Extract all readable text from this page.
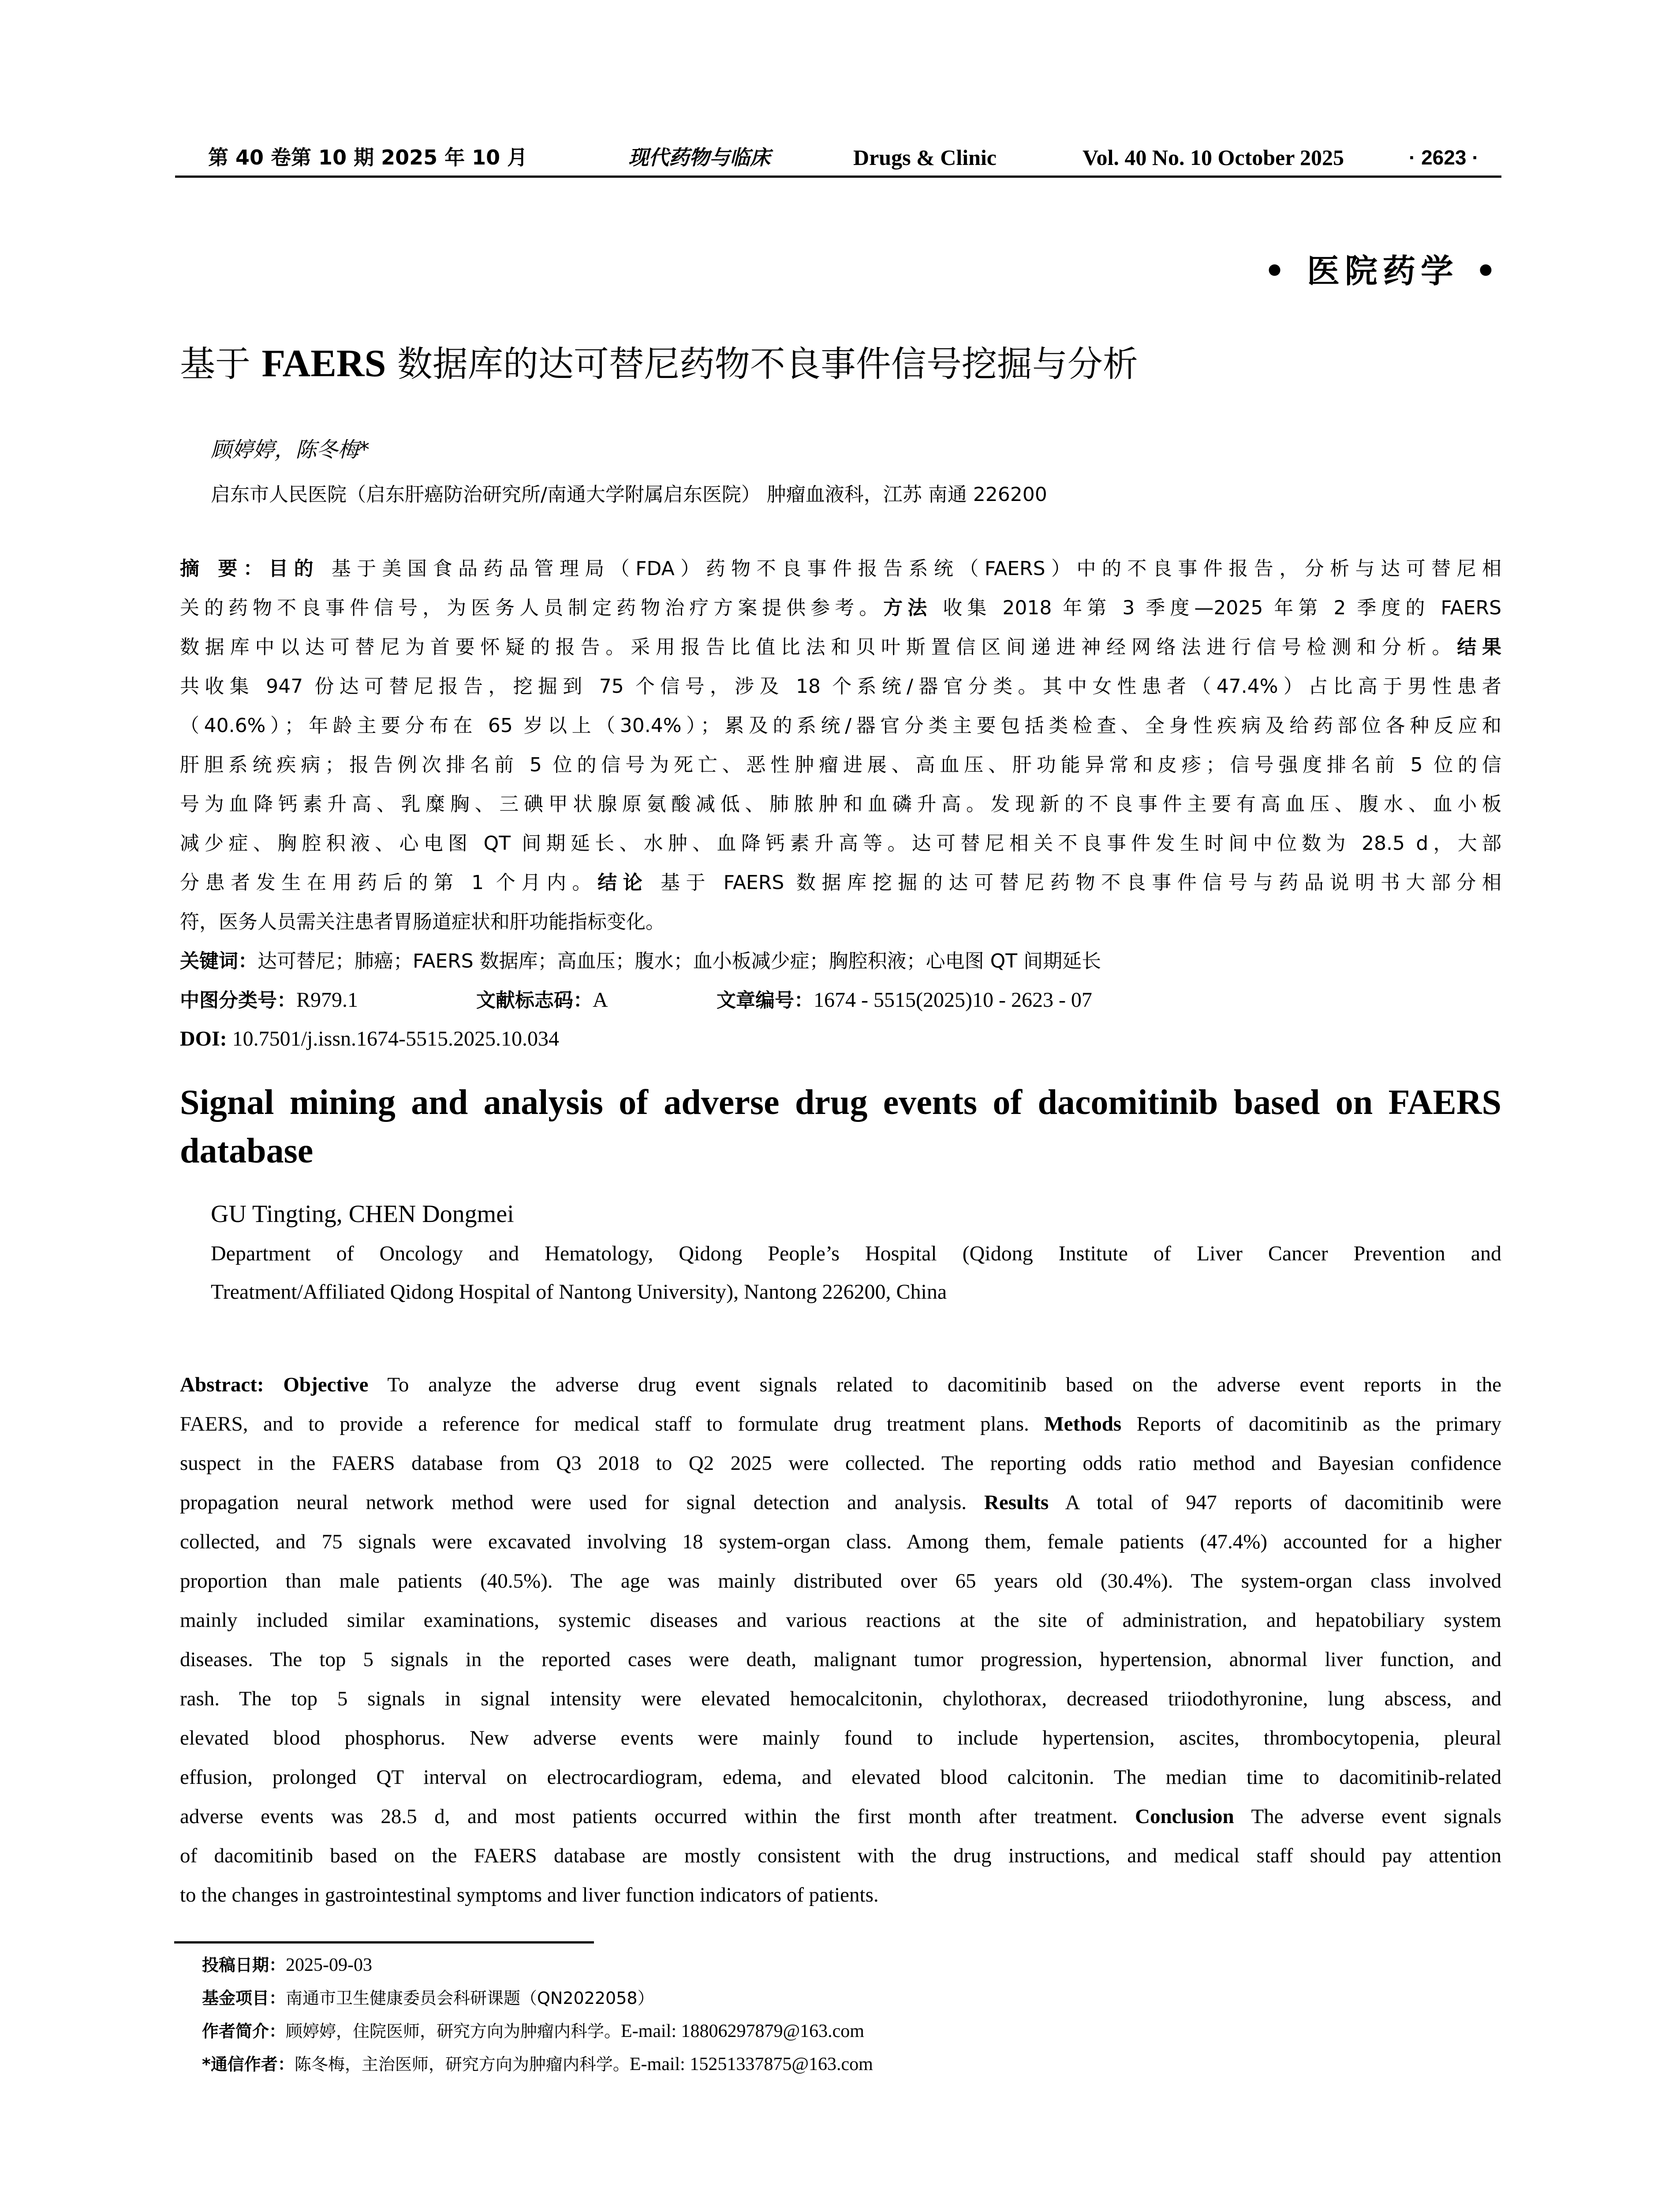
第 40 卷第 10 期 2025 年 10 月	现代药物与临床	Drugs & Clinic	Vol. 40 No. 10 October 2025	· 2623 ·
• 医院药学 •
基于 FAERS 数据库的达可替尼药物不良事件信号挖掘与分析
顾婷婷，陈冬梅*
启东市人民医院（启东肝癌防治研究所/南通大学附属启东医院） 肿瘤血液科，江苏 南通 226200
摘 要：目的 基于美国食品药品管理局（FDA）药物不良事件报告系统（FAERS）中的不良事件报告，分析与达可替尼相
关的药物不良事件信号，为医务人员制定药物治疗方案提供参考。方法 收集 2018 年第 3 季度—2025 年第 2 季度的 FAERS
数据库中以达可替尼为首要怀疑的报告。采用报告比值比法和贝叶斯置信区间递进神经网络法进行信号检测和分析。结果
共收集 947 份达可替尼报告，挖掘到 75 个信号，涉及 18 个系统/器官分类。其中女性患者（47.4%）占比高于男性患者
（40.6%）；年龄主要分布在 65 岁以上（30.4%）；累及的系统/器官分类主要包括类检查、全身性疾病及给药部位各种反应和
肝胆系统疾病；报告例次排名前 5 位的信号为死亡、恶性肿瘤进展、高血压、肝功能异常和皮疹；信号强度排名前 5 位的信
号为血降钙素升高、乳糜胸、三碘甲状腺原氨酸减低、肺脓肿和血磷升高。发现新的不良事件主要有高血压、腹水、血小板
减少症、胸腔积液、心电图 QT 间期延长、水肿、血降钙素升高等。达可替尼相关不良事件发生时间中位数为 28.5 d，大部
分患者发生在用药后的第 1 个月内。结论 基于 FAERS 数据库挖掘的达可替尼药物不良事件信号与药品说明书大部分相
符，医务人员需关注患者胃肠道症状和肝功能指标变化。
关键词：达可替尼；肺癌；FAERS 数据库；高血压；腹水；血小板减少症；胸腔积液；心电图 QT 间期延长
中图分类号：R979.1	文献标志码：A	文章编号：1674 - 5515(2025)10 - 2623 - 07
DOI: 10.7501/j.issn.1674-5515.2025.10.034
Signal mining and analysis of adverse drug events of dacomitinib based on FAERS
database
GU Tingting, CHEN Dongmei
Department of Oncology and Hematology, Qidong People’s Hospital (Qidong Institute of Liver Cancer Prevention and
Treatment/Affiliated Qidong Hospital of Nantong University), Nantong 226200, China
Abstract: Objective To analyze the adverse drug event signals related to dacomitinib based on the adverse event reports in the
FAERS, and to provide a reference for medical staff to formulate drug treatment plans. Methods Reports of dacomitinib as the primary
suspect in the FAERS database from Q3 2018 to Q2 2025 were collected. The reporting odds ratio method and Bayesian confidence
propagation neural network method were used for signal detection and analysis. Results A total of 947 reports of dacomitinib were
collected, and 75 signals were excavated involving 18 system-organ class. Among them, female patients (47.4%) accounted for a higher
proportion than male patients (40.5%). The age was mainly distributed over 65 years old (30.4%). The system-organ class involved
mainly included similar examinations, systemic diseases and various reactions at the site of administration, and hepatobiliary system
diseases. The top 5 signals in the reported cases were death, malignant tumor progression, hypertension, abnormal liver function, and
rash. The top 5 signals in signal intensity were elevated hemocalcitonin, chylothorax, decreased triiodothyronine, lung abscess, and
elevated blood phosphorus. New adverse events were mainly found to include hypertension, ascites, thrombocytopenia, pleural
effusion, prolonged QT interval on electrocardiogram, edema, and elevated blood calcitonin. The median time to dacomitinib-related
adverse events was 28.5 d, and most patients occurred within the first month after treatment. Conclusion The adverse event signals
of dacomitinib based on the FAERS database are mostly consistent with the drug instructions, and medical staff should pay attention
to the changes in gastrointestinal symptoms and liver function indicators of patients.
投稿日期：2025-09-03
基金项目：南通市卫生健康委员会科研课题（QN2022058）
作者简介：顾婷婷，住院医师，研究方向为肿瘤内科学。E-mail: 18806297879@163.com
*通信作者：陈冬梅，主治医师，研究方向为肿瘤内科学。E-mail: 15251337875@163.com
